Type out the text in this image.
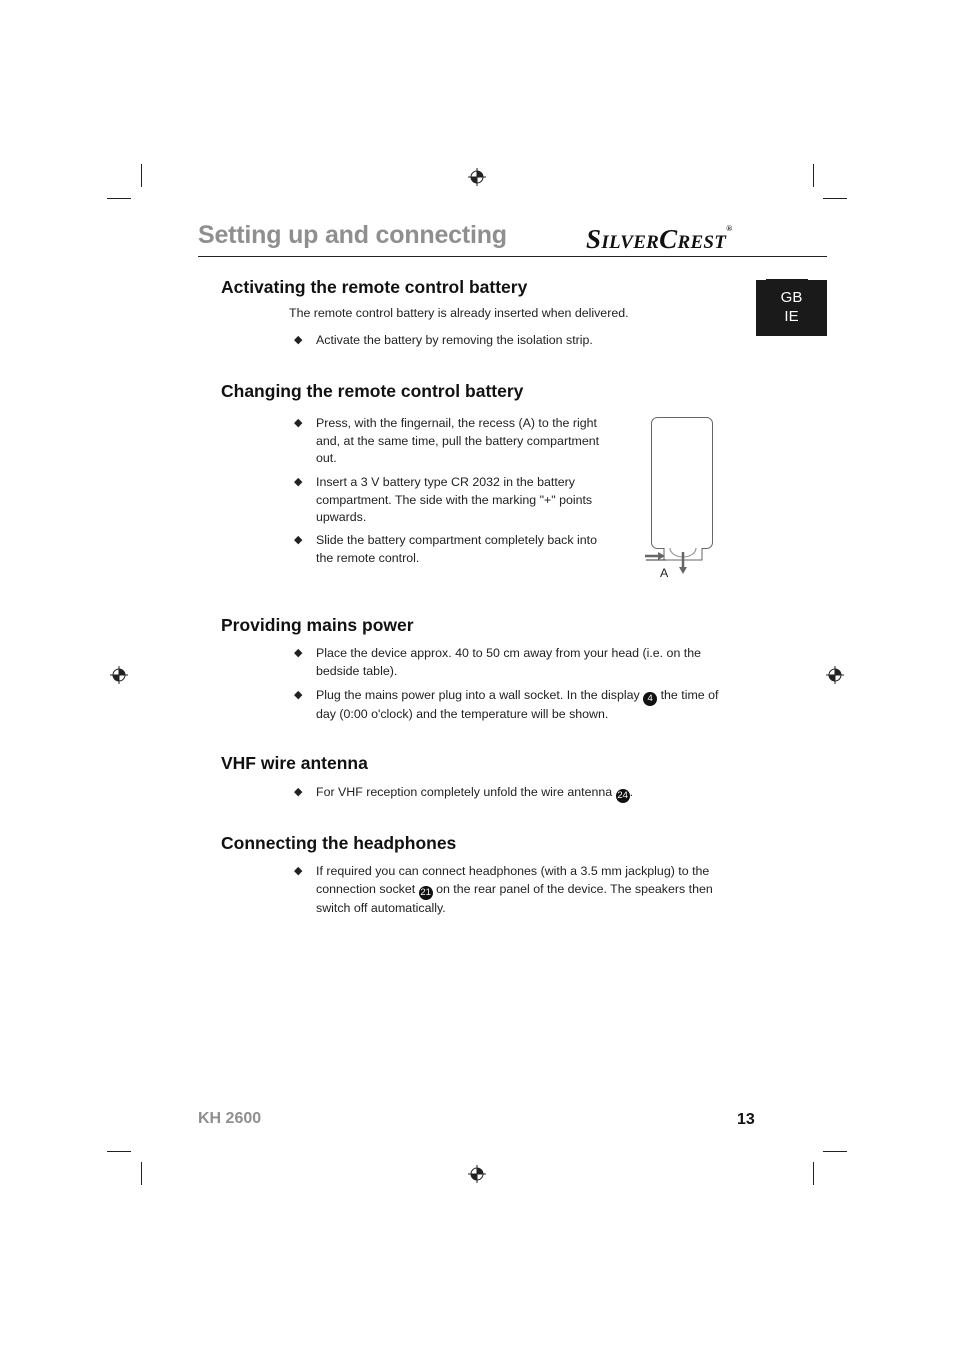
Setting up and connecting	SILVERCREST®
GB
IE
Activating the remote control battery
The remote control battery is already inserted when delivered.
◆ Activate the battery by removing the isolation strip.
Changing the remote control battery
◆ Press, with the fingernail, the recess (A) to the right
and, at the same time, pull the battery compartment
out.
◆ Insert a 3 V battery type CR 2032 in the battery
compartment. The side with the marking "+" points
upwards.
◆ Slide the battery compartment completely back into
the remote control.
A
Providing mains power
◆ Place the device approx. 40 to 50 cm away from your head (i.e. on the
bedside table).
◆ Plug the mains power plug into a wall socket. In the display 4 the time of
day (0:00 o'clock) and the temperature will be shown.
VHF wire antenna
◆ For VHF reception completely unfold the wire antenna 24 .
Connecting the headphones
◆ If required you can connect headphones (with a 3.5 mm jackplug) to the
connection socket 21 on the rear panel of the device. The speakers then
switch off automatically.
KH 2600	13
